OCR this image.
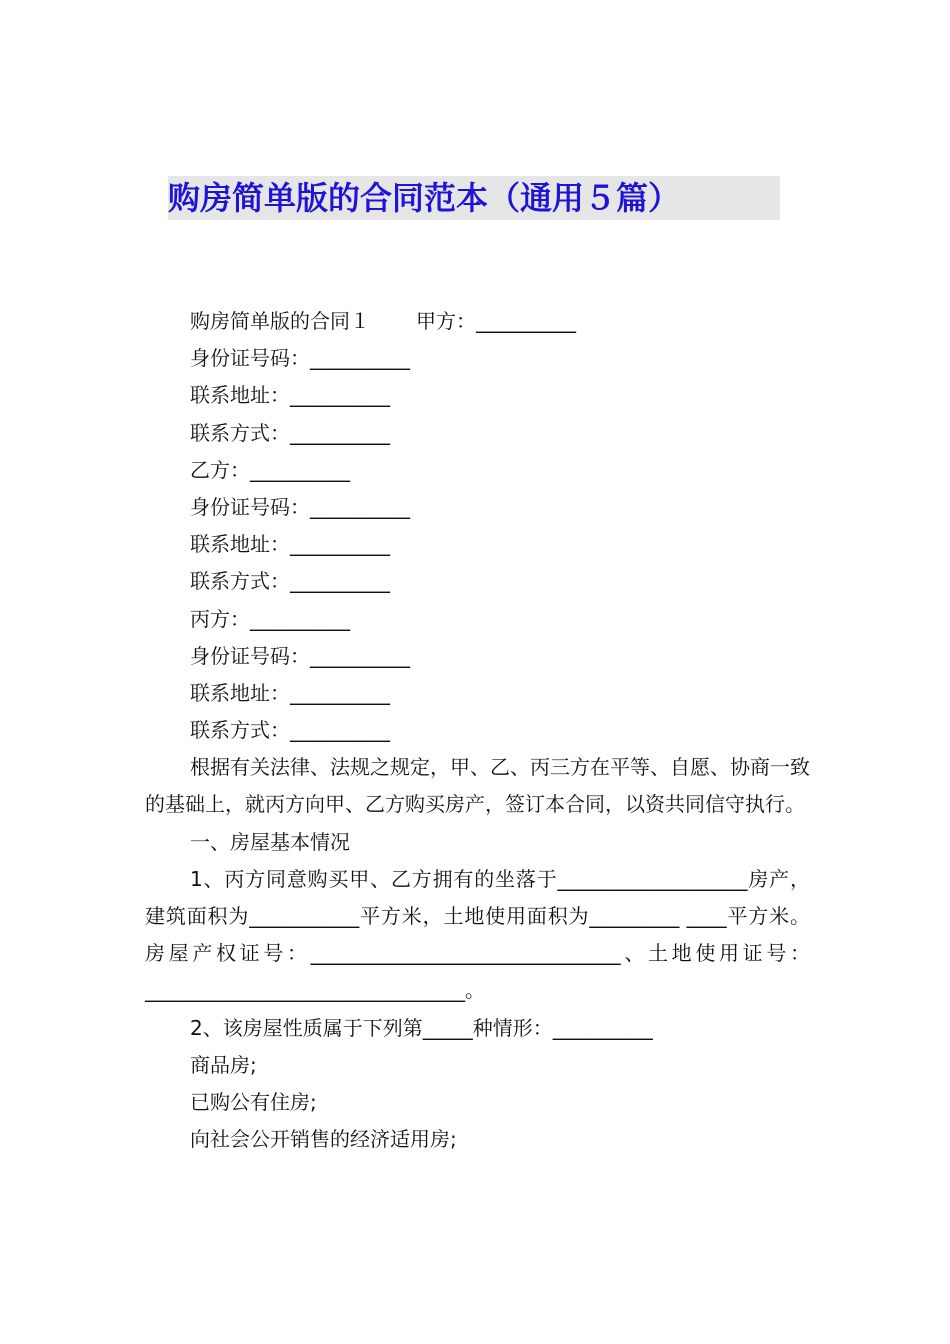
购房简单版的合同范本（通用５篇）
购房简单版的合同１ 甲方：__________
身份证号码：__________
联系地址：__________
联系方式：__________
乙方：__________
身份证号码：__________
联系地址：__________
联系方式：__________
丙方：__________
身份证号码：__________
联系地址：__________
联系方式：__________
根据有关法律、法规之规定，甲、乙、丙三方在平等、自愿、协商一致的基础上，就丙方向甲、乙方购买房产，签订本合同，以资共同信守执行。
一、房屋基本情况
1、丙方同意购买甲、乙方拥有的坐落于___________________房产，建筑面积为___________平方米，土地使用面积为_________ ____平方米。房屋产权证号：_______________________________、土地使用证号：________________________________。
2、该房屋性质属于下列第_____种情形：__________
商品房;
已购公有住房;
向社会公开销售的经济适用房;
